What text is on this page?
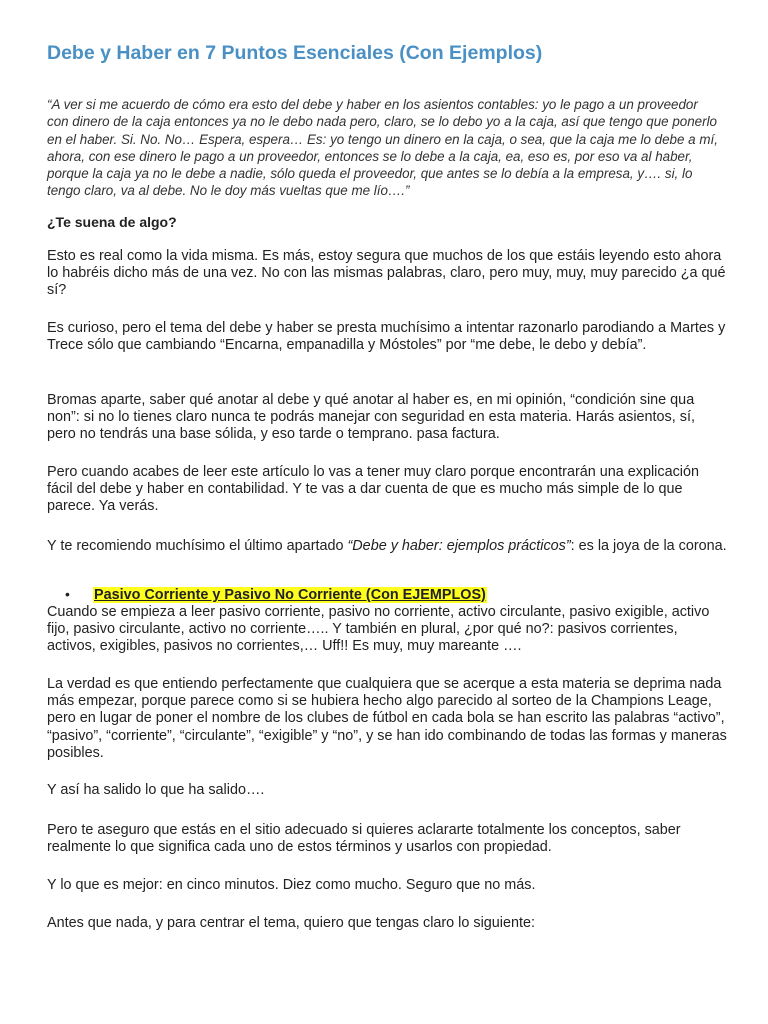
Debe y Haber en 7 Puntos Esenciales (Con Ejemplos)

“A ver si me acuerdo de cómo era esto del debe y haber en los asientos contables: yo le pago a un proveedor con dinero de la caja entonces ya no le debo nada pero, claro, se lo debo yo a la caja, así que tengo que ponerlo en el haber. Si. No. No… Espera, espera… Es: yo tengo un dinero en la caja, o sea, que la caja me lo debe a mí, ahora, con ese dinero le pago a un proveedor, entonces se lo debe a la caja, ea, eso es, por eso va al haber, porque la caja ya no le debe a nadie, sólo queda el proveedor, que antes se lo debía a la empresa, y…. si, lo tengo claro, va al debe. No le doy más vueltas que me lío….”

¿Te suena de algo?

Esto es real como la vida misma. Es más, estoy segura que muchos de los que estáis leyendo esto ahora lo habréis dicho más de una vez. No con las mismas palabras, claro, pero muy, muy, muy parecido ¿a qué sí?

Es curioso, pero el tema del debe y haber se presta muchísimo a intentar razonarlo parodiando a Martes y Trece sólo que cambiando “Encarna, empanadilla y Móstoles” por “me debe, le debo y debía”.

Bromas aparte, saber qué anotar al debe y qué anotar al haber es, en mi opinión, “condición sine qua non”: si no lo tienes claro nunca te podrás manejar con seguridad en esta materia. Harás asientos, sí, pero no tendrás una base sólida, y eso tarde o temprano. pasa factura.

Pero cuando acabes de leer este artículo lo vas a tener muy claro porque encontrarán una explicación fácil del debe y haber en contabilidad. Y te vas a dar cuenta de que es mucho más simple de lo que parece. Ya verás.

Y te recomiendo muchísimo el último apartado “Debe y haber: ejemplos prácticos”: es la joya de la corona.

• Pasivo Corriente y Pasivo No Corriente (Con EJEMPLOS)

Cuando se empieza a leer pasivo corriente, pasivo no corriente, activo circulante, pasivo exigible, activo fijo, pasivo circulante, activo no corriente….. Y también en plural, ¿por qué no?: pasivos corrientes, activos, exigibles, pasivos no corrientes,… Uff!! Es muy, muy mareante ….

La verdad es que entiendo perfectamente que cualquiera que se acerque a esta materia se deprima nada más empezar, porque parece como si se hubiera hecho algo parecido al sorteo de la Champions Leage, pero en lugar de poner el nombre de los clubes de fútbol en cada bola se han escrito las palabras “activo”, “pasivo”, “corriente”, “circulante”, “exigible” y “no”, y se han ido combinando de todas las formas y maneras posibles.

Y así ha salido lo que ha salido….

Pero te aseguro que estás en el sitio adecuado si quieres aclararte totalmente los conceptos, saber realmente lo que significa cada uno de estos términos y usarlos con propiedad.

Y lo que es mejor: en cinco minutos. Diez como mucho. Seguro que no más.

Antes que nada, y para centrar el tema, quiero que tengas claro lo siguiente:
